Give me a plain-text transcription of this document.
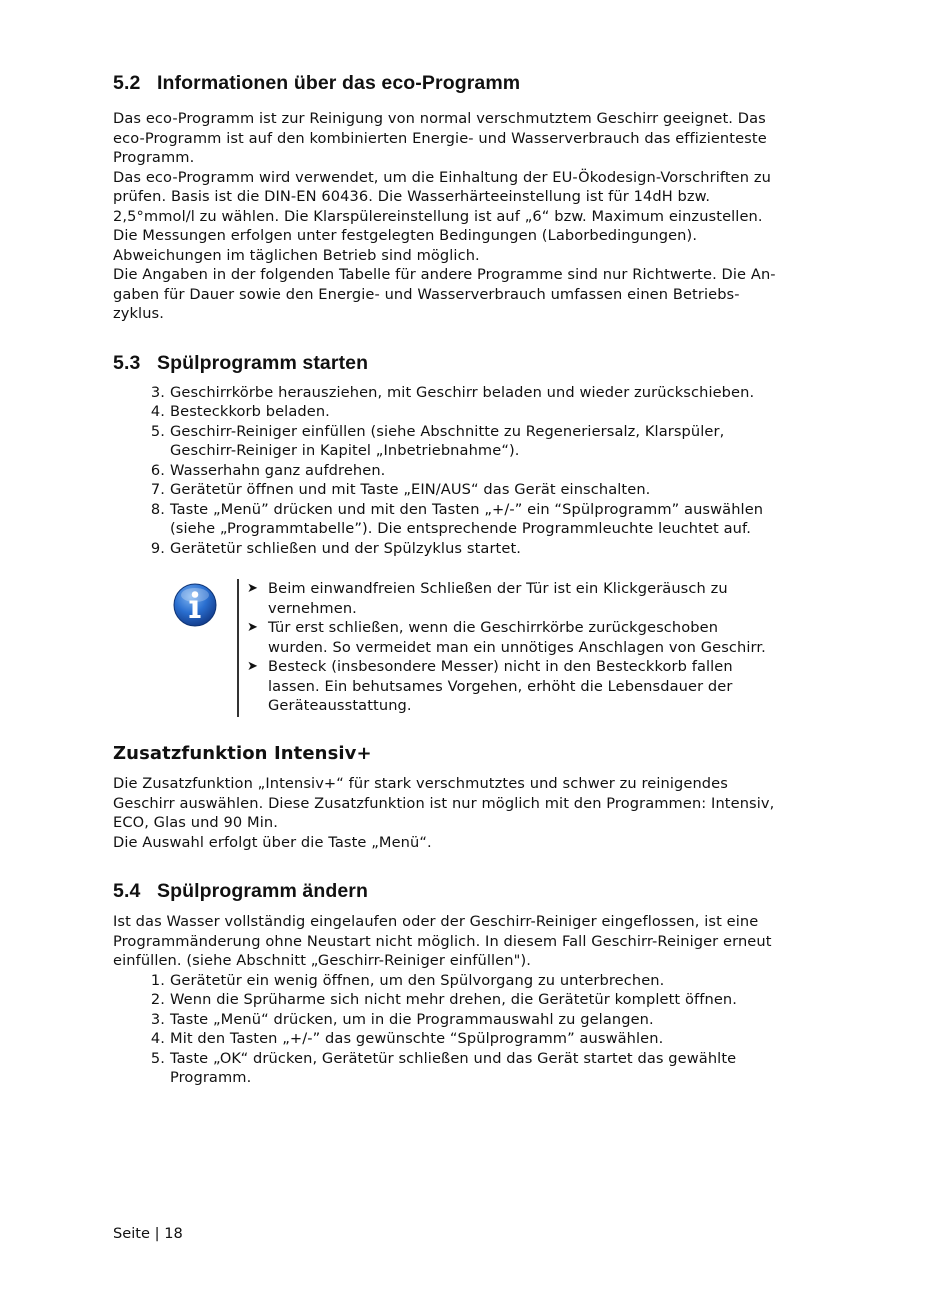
5.2 Informationen über das eco-Programm
Das eco-Programm ist zur Reinigung von normal verschmutztem Geschirr geeignet. Das
eco-Programm ist auf den kombinierten Energie- und Wasserverbrauch das effizienteste
Programm.
Das eco-Programm wird verwendet, um die Einhaltung der EU-Ökodesign-Vorschriften zu
prüfen. Basis ist die DIN-EN 60436. Die Wasserhärteeinstellung ist für 14dH bzw.
2,5°mmol/l zu wählen. Die Klarspülereinstellung ist auf „6“ bzw. Maximum einzustellen.
Die Messungen erfolgen unter festgelegten Bedingungen (Laborbedingungen).
Abweichungen im täglichen Betrieb sind möglich.
Die Angaben in der folgenden Tabelle für andere Programme sind nur Richtwerte. Die An-
gaben für Dauer sowie den Energie- und Wasserverbrauch umfassen einen Betriebs-
zyklus.
5.3 Spülprogramm starten
3. Geschirrkörbe herausziehen, mit Geschirr beladen und wieder zurückschieben.
4. Besteckkorb beladen.
5. Geschirr-Reiniger einfüllen (siehe Abschnitte zu Regeneriersalz, Klarspüler,
Geschirr-Reiniger in Kapitel „Inbetriebnahme“).
6. Wasserhahn ganz aufdrehen.
7. Gerätetür öffnen und mit Taste „EIN/AUS“ das Gerät einschalten.
8. Taste „Menü” drücken und mit den Tasten „+/-” ein “Spülprogramm” auswählen
(siehe „Programmtabelle”). Die entsprechende Programmleuchte leuchtet auf.
9. Gerätetür schließen und der Spülzyklus startet.
➤ Beim einwandfreien Schließen der Tür ist ein Klickgeräusch zu
vernehmen.
➤ Tür erst schließen, wenn die Geschirrkörbe zurückgeschoben
wurden. So vermeidet man ein unnötiges Anschlagen von Geschirr.
➤ Besteck (insbesondere Messer) nicht in den Besteckkorb fallen
lassen. Ein behutsames Vorgehen, erhöht die Lebensdauer der
Geräteausstattung.
Zusatzfunktion Intensiv+
Die Zusatzfunktion „Intensiv+“ für stark verschmutztes und schwer zu reinigendes
Geschirr auswählen. Diese Zusatzfunktion ist nur möglich mit den Programmen: Intensiv,
ECO, Glas und 90 Min.
Die Auswahl erfolgt über die Taste „Menü“.
5.4 Spülprogramm ändern
Ist das Wasser vollständig eingelaufen oder der Geschirr-Reiniger eingeflossen, ist eine
Programmänderung ohne Neustart nicht möglich. In diesem Fall Geschirr-Reiniger erneut
einfüllen. (siehe Abschnitt „Geschirr-Reiniger einfüllen").
1. Gerätetür ein wenig öffnen, um den Spülvorgang zu unterbrechen.
2. Wenn die Sprüharme sich nicht mehr drehen, die Gerätetür komplett öffnen.
3. Taste „Menü“ drücken, um in die Programmauswahl zu gelangen.
4. Mit den Tasten „+/-” das gewünschte “Spülprogramm” auswählen.
5. Taste „OK“ drücken, Gerätetür schließen und das Gerät startet das gewählte
Programm.
Seite | 18
